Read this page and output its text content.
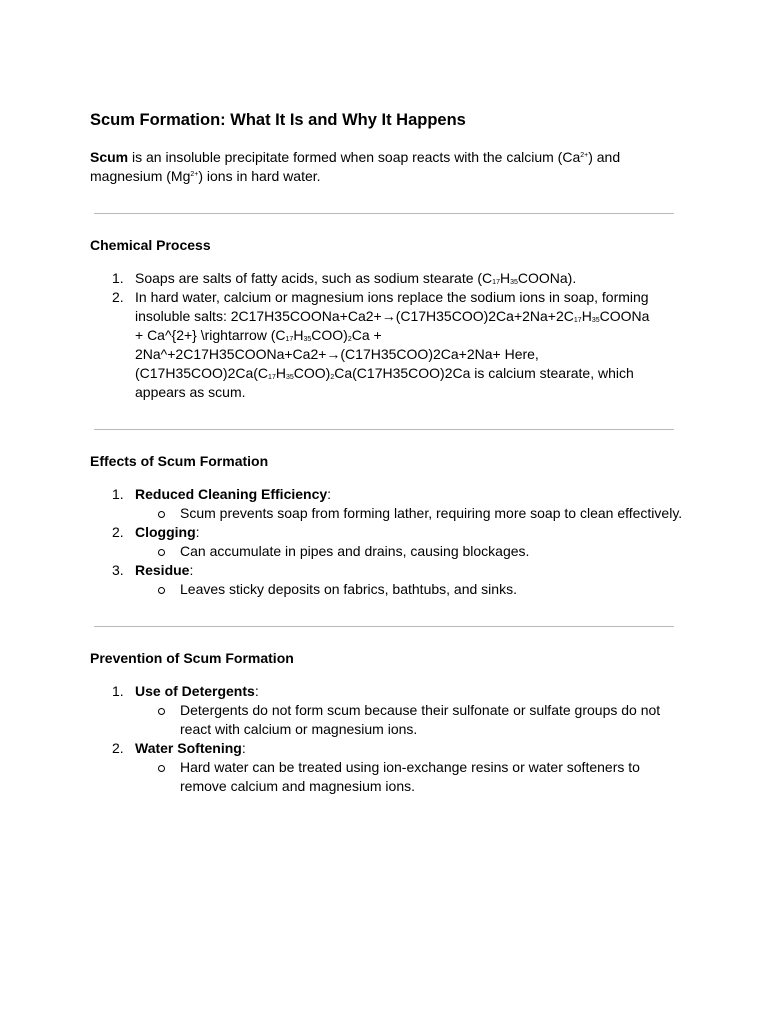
Scum Formation: What It Is and Why It Happens

Scum is an insoluble precipitate formed when soap reacts with the calcium $(Ca^{2+})$ and magnesium $(Mg^{2+})$ ions in hard water.

Chemical Process
1. Soaps are salts of fatty acids, such as sodium stearate $(C_{17}H_{35}COONa)$.
2. In hard water, calcium or magnesium ions replace the sodium ions in soap, forming insoluble salts: $2C17H35COONa+Ca2+\to(C17H35COO)2Ca+2Na+2C_{17}H_{35}COONa$ + Ca^{2+} \rightarrow $(C_{17}H_{35}COO)_2Ca$ + 2Na^+2C17H35COONa+Ca2+→(C17H35COO)2Ca+2Na+ Here, $(C17H35COO)2Ca(C_{17}H_{35}COO)_2Ca(C17H35COO)2Ca$ is calcium stearate, which appears as scum.
Effects of Scum Formation
1. Reduced Cleaning Efficiency:
Scum prevents soap from forming lather, requiring more soap to clean effectively.
2. Clogging:
Can accumulate in pipes and drains, causing blockages.
3. Residue:
Leaves sticky deposits on fabrics, bathtubs, and sinks.
Prevention of Scum Formation
1. Use of Detergents:
Detergents do not form scum because their sulfonate or sulfate groups do not react with calcium or magnesium ions.
2. Water Softening:
Hard water can be treated using ion-exchange resins or water softeners to remove calcium and magnesium ions.
